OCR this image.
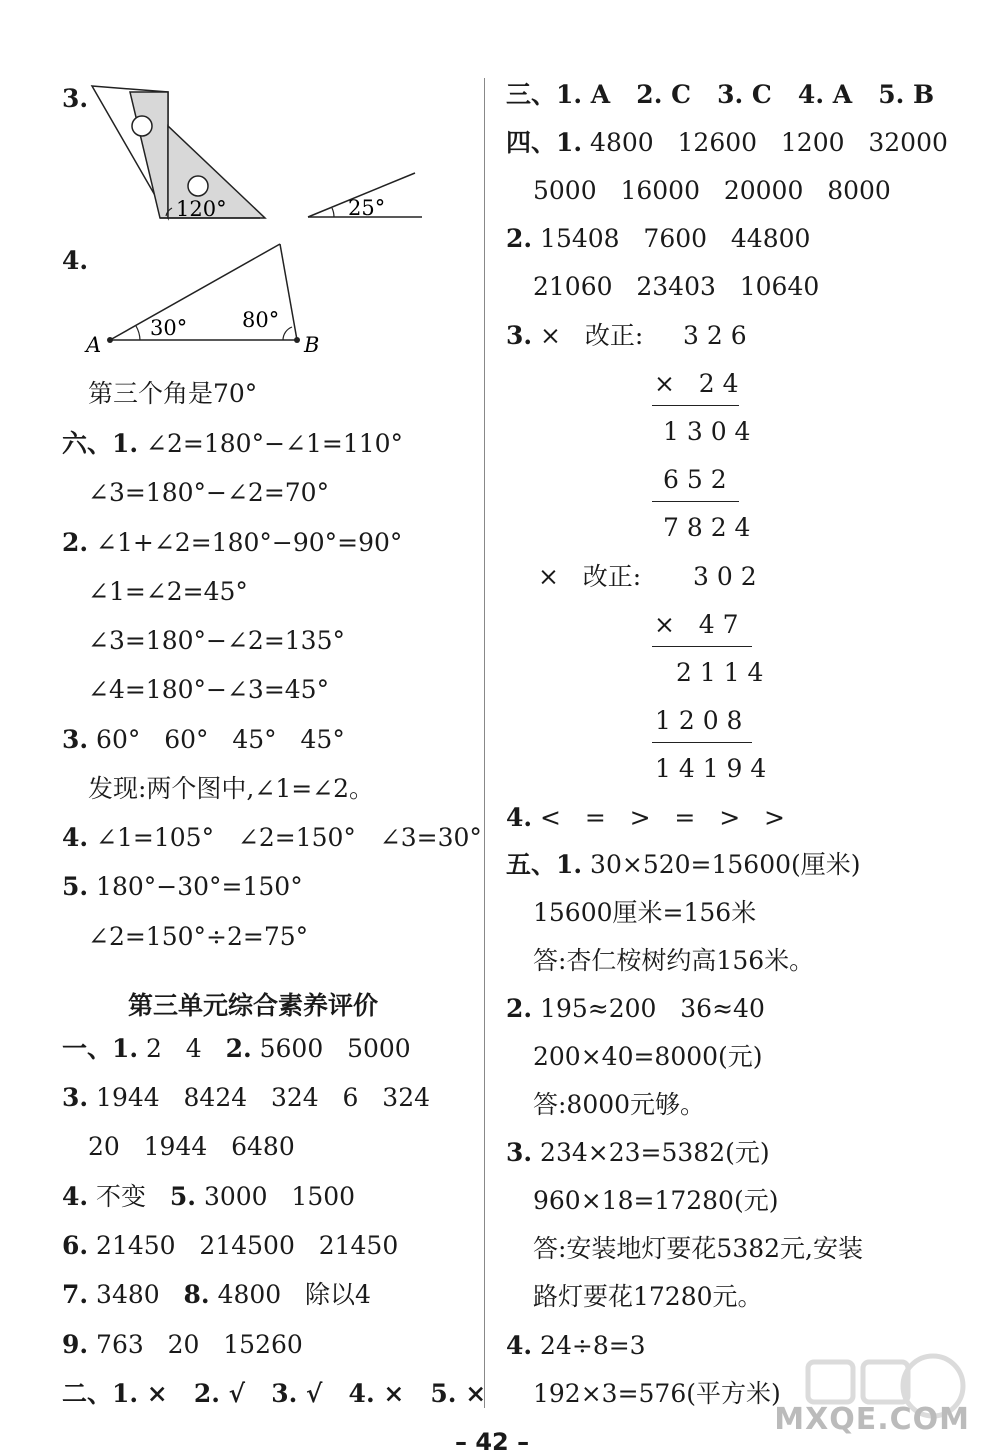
3.
120°	25°
4.
A	B
30°	80°
第三个角是70°
六、1. ∠2=180°−∠1=110°
∠3=180°−∠2=70°
2. ∠1+∠2=180°−90°=90°
∠1=∠2=45°
∠3=180°−∠2=135°
∠4=180°−∠3=45°
3. 60°   60°   45°   45°
发现:两个图中,∠1=∠2。
4. ∠1=105°   ∠2=150°   ∠3=30°
5. 180°−30°=150°
∠2=150°÷2=75°
第三单元综合素养评价
一、1. 2   4   2. 5600   5000
3. 1944   8424   324   6   324
20   1944   6480
4. 不变   5. 3000   1500
6. 21450   214500   21450
7. 3480   8. 4800   除以4
9. 763   20   15260
二、1. ×   2. √   3. √   4. ×   5. ×
三、1. A   2. C   3. C   4. A   5. B
四、1. 4800   12600   1200   32000
5000   16000   20000   8000
2. 15408   7600   44800
21060   23403   10640
3. ×   改正: 3 2 6
×   2 4
1 3 0 4
6 5 2
7 8 2 4
×   改正: 3 0 2
×   4 7
2 1 1 4
1 2 0 8
1 4 1 9 4
4. <   =   >   =   >   >
五、1. 30×520=15600(厘米)
15600厘米=156米
答:杏仁桉树约高156米。
2. 195≈200   36≈40
200×40=8000(元)
答:8000元够。
3. 234×23=5382(元)
960×18=17280(元)
答:安装地灯要花5382元,安装
路灯要花17280元。
4. 24÷8=3
192×3=576(平方米)
MXQE.COM
– 42 –
